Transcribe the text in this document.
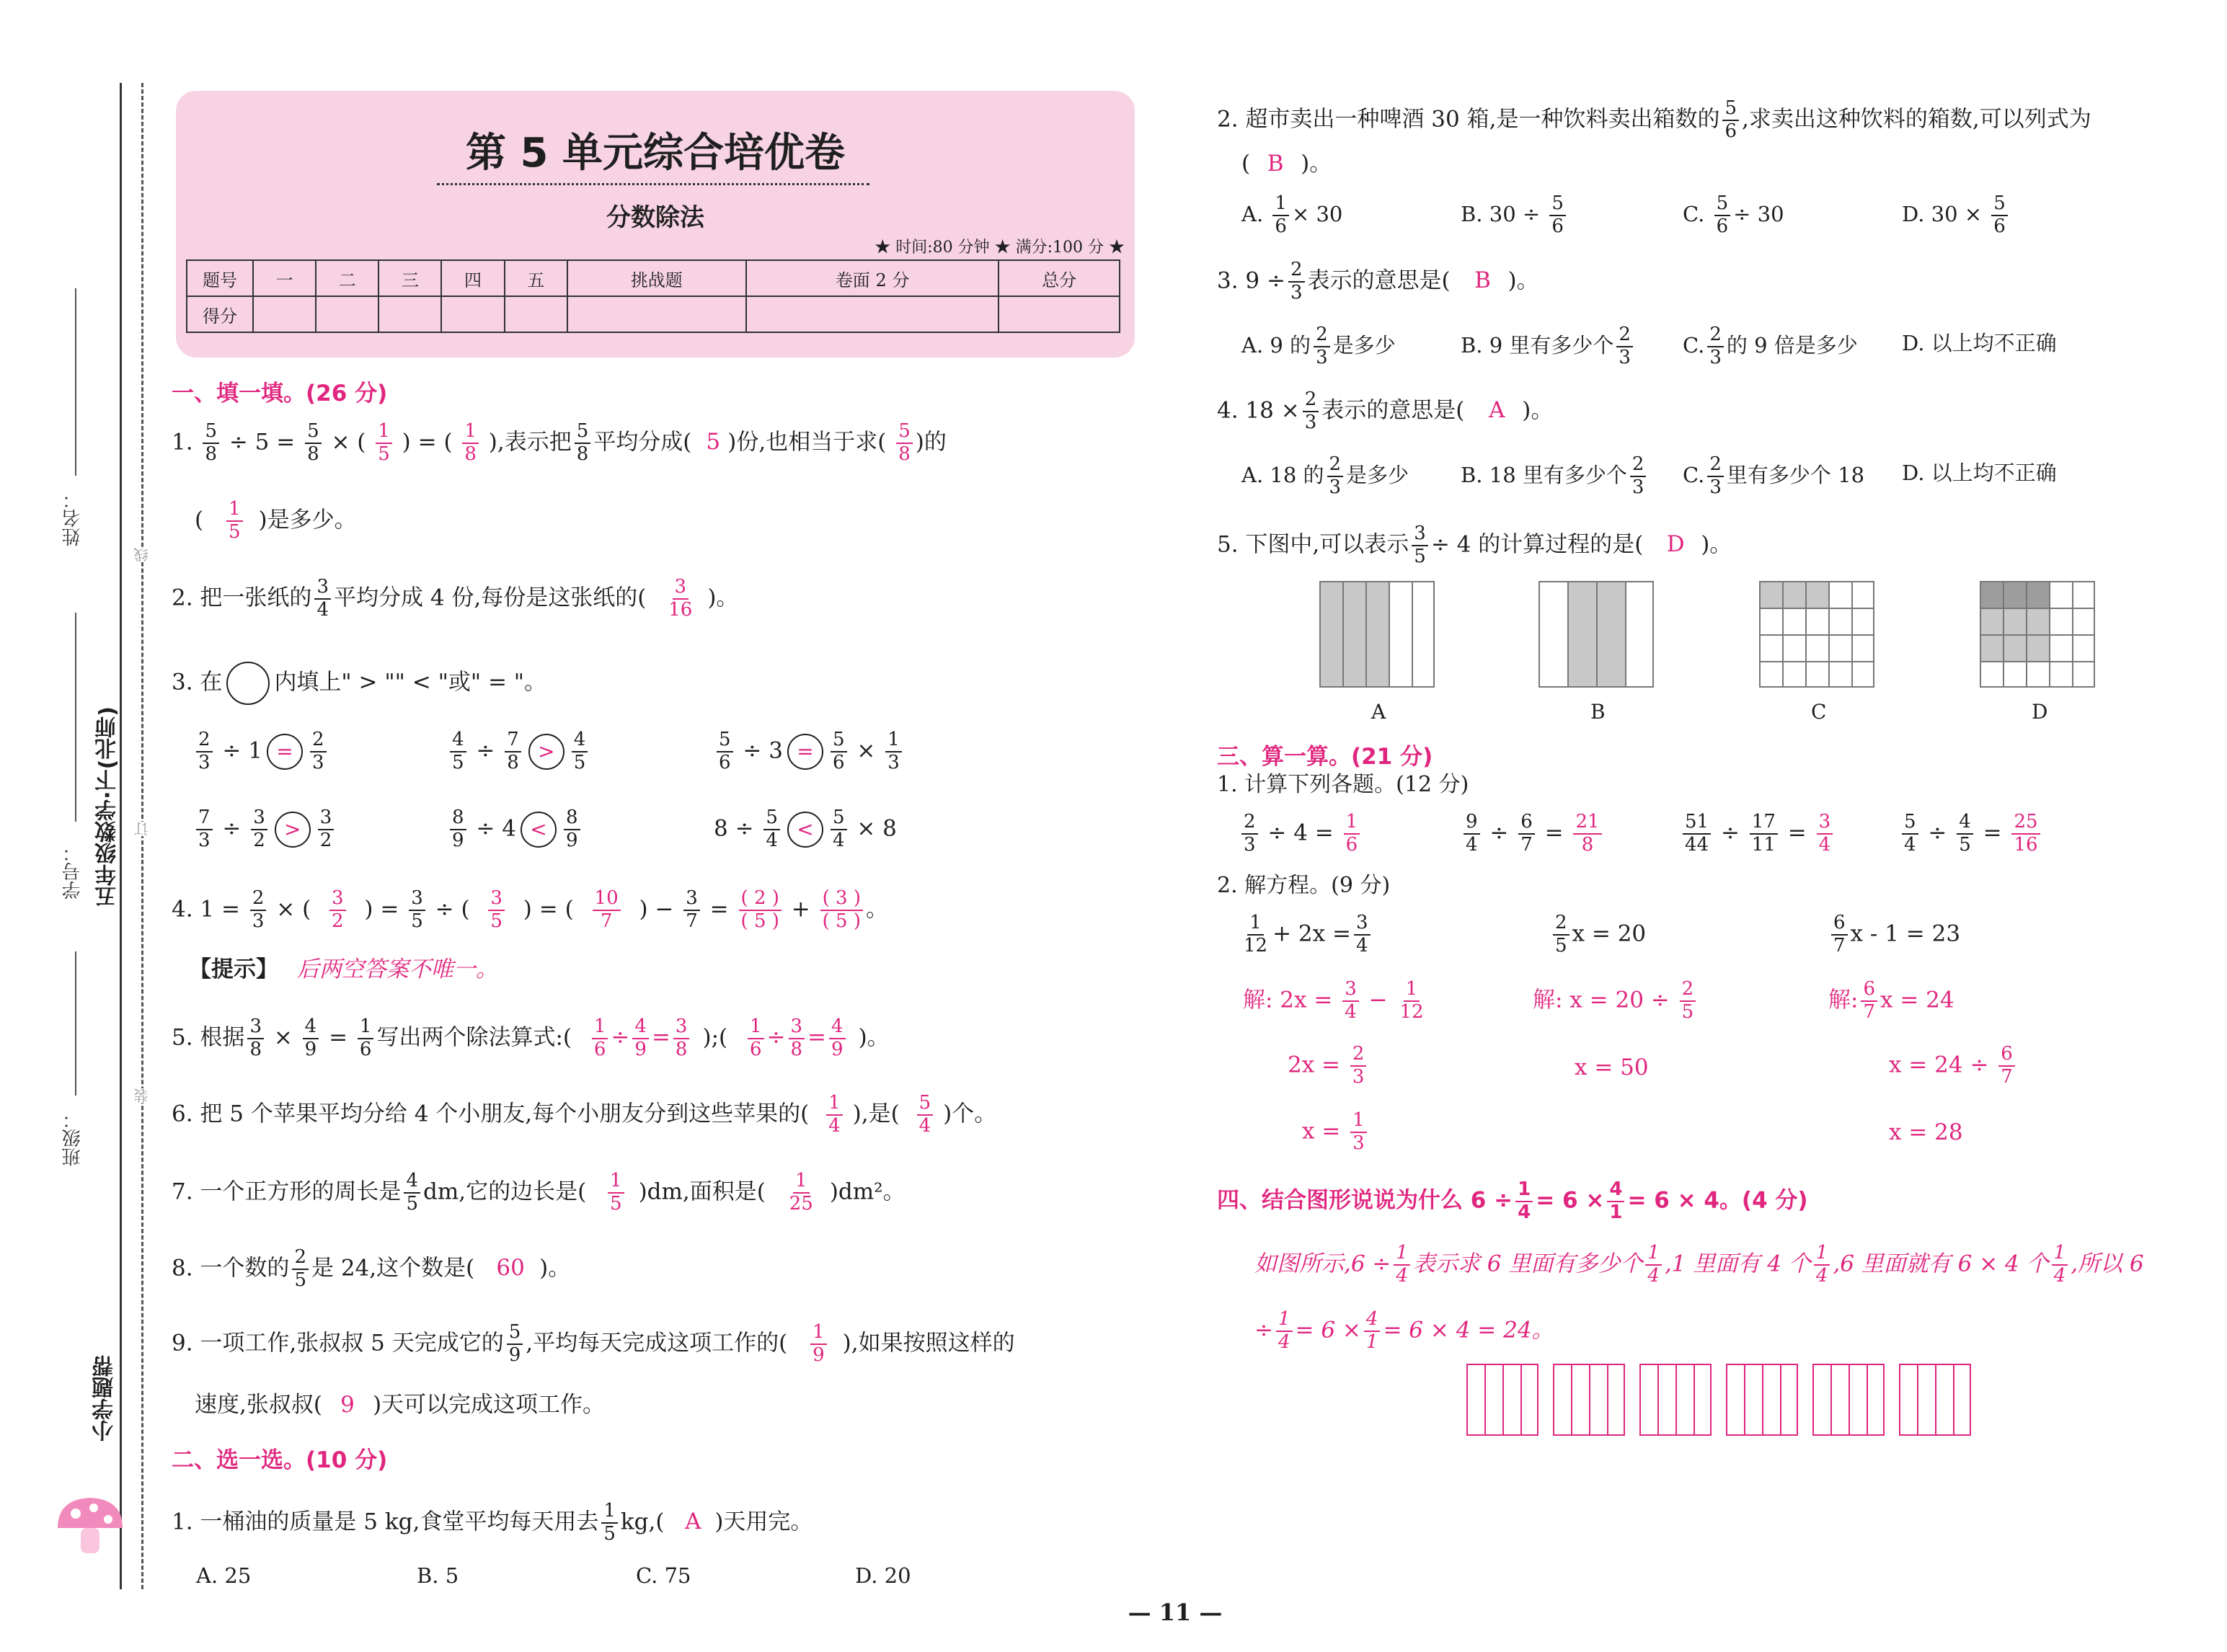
姓名：
学号：
班级：
五年级数学·下(北师)
线
订
装
小学题帮
第 5 单元综合培优卷
分数除法
★ 时间:80 分钟 ★ 满分:100 分 ★
题号	一	二	三	四	五	挑战题	卷面 2 分	总分
得分								
一、填一填。(26 分)
1. $\frac{5}{8} \div 5 = \frac{5}{8}$ × ( $\frac{1}{5}$ ) = ( $\frac{1}{8}$ ),表示把 $\frac{5}{8}$ 平均分成( 5 )份,也相当于求( $\frac{5}{8}$ )的
( $\frac{1}{5}$ )是多少。
2. 把一张纸的 $\frac{3}{4}$ 平均分成 4 份,每份是这张纸的( $\frac{3}{16}$ )。
3. 在 内填上" > "" < "或" = "。
$\frac{2}{3} \div 1 = \frac{2}{3}$	$\frac{4}{5} \div \frac{7}{8} > \frac{4}{5}$	$\frac{5}{6} \div 3 = \frac{5}{6} \times \frac{1}{3}$
$\frac{7}{3} \div \frac{3}{2} > \frac{3}{2}$	$\frac{8}{9} \div 4 < \frac{8}{9}$	$8 \div \frac{5}{4} < \frac{5}{4} \times 8$
4. $1 = \frac{2}{3}$ × ( $\frac{3}{2}$ ) = $\frac{3}{5}$ ÷ ( $\frac{3}{5}$ ) = ( $\frac{10}{7}$ ) − $\frac{3}{7} = \frac{( 2 )}{( 5 )} + \frac{( 3 )}{( 5 )}$ 。
【提示】 后两空答案不唯一。
5. 根据 $\frac{3}{8} \times \frac{4}{9} = \frac{1}{6}$ 写出两个除法算式:( $\frac{1}{6} \div \frac{4}{9} = \frac{3}{8}$ );( $\frac{1}{6} \div \frac{3}{8} = \frac{4}{9}$ )。
6. 把 5 个苹果平均分给 4 个小朋友,每个小朋友分到这些苹果的( $\frac{1}{4}$ ),是( $\frac{5}{4}$ )个。
7. 一个正方形的周长是 $\frac{4}{5}$ dm,它的边长是( $\frac{1}{5} )dm$,面积是( $\frac{1}{25} )dm^2$。
8. 一个数的 $\frac{2}{5}$ 是 24,这个数是( 60 )。
9. 一项工作,张叔叔 5 天完成它的 $\frac{5}{9}$ ,平均每天完成这项工作的( $\frac{1}{9}$ ),如果按照这样的
速度,张叔叔( 9 )天可以完成这项工作。
二、选一选。(10 分)
1. 一桶油的质量是 5 kg,食堂平均每天用去 $\frac{1}{5} kg$,( A )天用完。
A. 25	B. 5	C. 75	D. 20
2. 超市卖出一种啤酒 30 箱,是一种饮料卖出箱数的 $\frac{5}{6}$ ,求卖出这种饮料的箱数,可以列式为
( B )。
A. $\frac{1}{6} \times 30$	B. $30 \div \frac{5}{6}$	C. $\frac{5}{6} \div 30$	D. $30 \times \frac{5}{6}$
3. $9 \div \frac{2}{3}$ 表示的意思是( B )。
A. 9 的 $\frac{2}{3}$ 是多少	B. 9 里有多少个 $\frac{2}{3} C$. $\frac{2}{3}$ 的 9 倍是多少 D. 以上均不正确
4. $18 \times \frac{2}{3}$ 表示的意思是( A )。
A. 18 的 $\frac{2}{3}$ 是多少 B. 18 里有多少个 $\frac{2}{3} C$. $\frac{2}{3}$ 里有多少个 18 D. 以上均不正确
5. 下图中,可以表示 $\frac{3}{5} \div 4$ 的计算过程的是( D )。
A	B	C	D
三、算一算。(21 分)
1. 计算下列各题。(12 分)
$\frac{2}{3} \div 4 = \frac{1}{6}$	$\frac{9}{4} \div \frac{6}{7} = \frac{21}{8}$	$\frac{51}{44} \div \frac{17}{11} = \frac{3}{4}$	$\frac{5}{4} \div \frac{4}{5} = \frac{25}{16}$
2. 解方程。(9 分)
$\frac{1}{12} + 2x = \frac{3}{4}$
解: $2x = \frac{3}{4} - \frac{1}{12}$
$2x = \frac{2}{3}$
$x = \frac{1}{3}$
$\frac{2}{5}$ x = 20
解: $x = 20 \div \frac{2}{5}$
x = 50
$\frac{6}{7}$ x - 1 = 23
解: $\frac{6}{7}$ x = 24
$x = 24 \div \frac{6}{7}$
x = 28
四、结合图形说说为什么 $6 \div \frac{1}{4} = 6 \times \frac{4}{1} = 6 \times 4$。(4 分)
如图所示$,6 \div \frac{1}{4}$ 表示求 6 里面有多少个 $\frac{1}{4} ,1$ 里面有 4 个 $\frac{1}{4} ,6$ 里面就有 6 × 4 个 $\frac{1}{4}$ ,所以 6
÷ $\frac{1}{4} = 6 \times \frac{4}{1} = 6 \times 4 = 24$。
— 11 —
